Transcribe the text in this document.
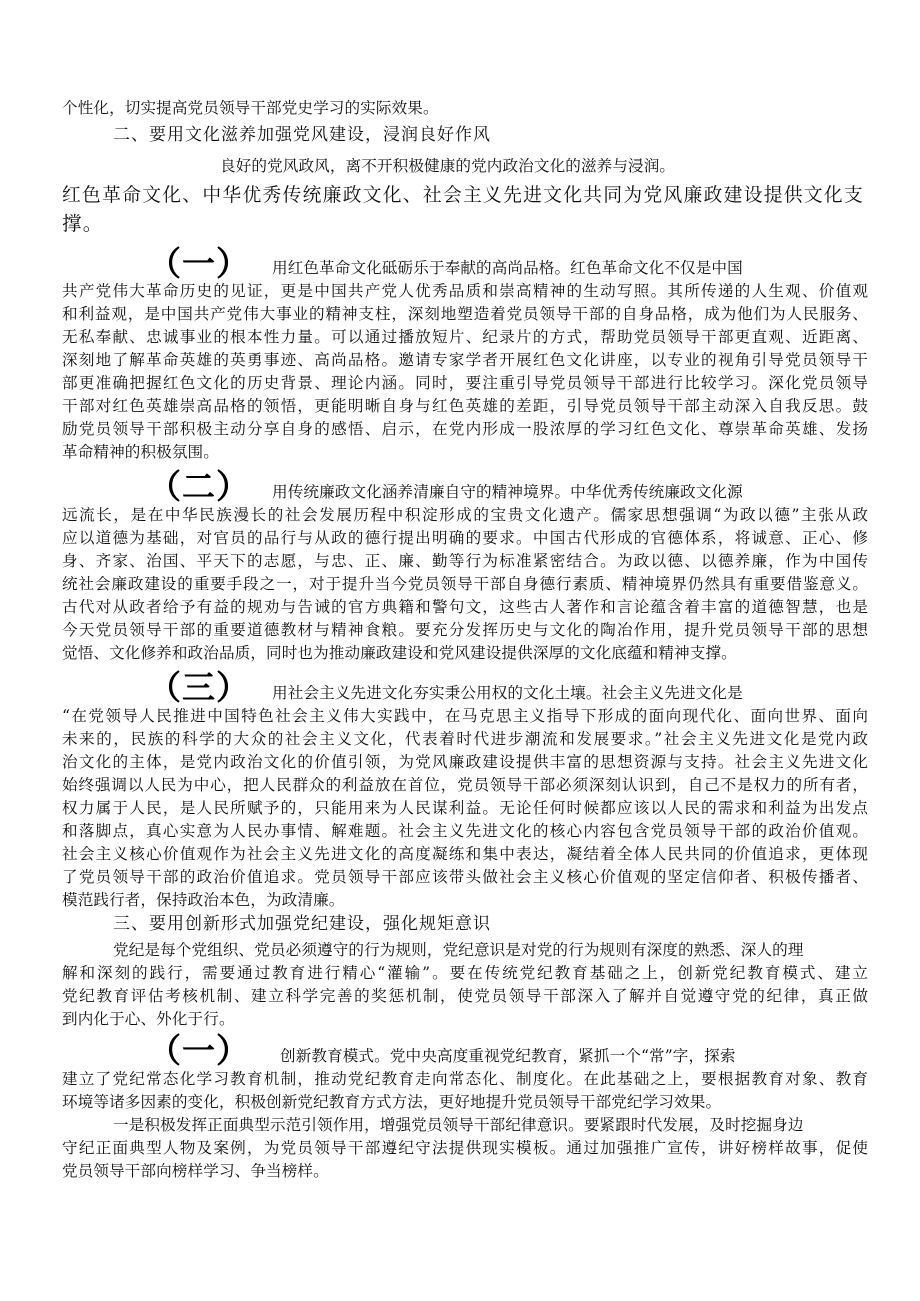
个性化，切实提高党员领导干部党史学习的实际效果。
二、要用文化滋养加强党风建设，浸润良好作风
良好的党风政风，离不开积极健康的党内政治文化的滋养与浸润。
红色革命文化、中华优秀传统廉政文化、社会主义先进文化共同为党风廉政建设提供文化支
撑。
（一） 用红色革命文化砥砺乐于奉献的高尚品格。红色革命文化不仅是中国
共产党伟大革命历史的见证，更是中国共产党人优秀品质和崇高精神的生动写照。其所传递的人生观、价值观
和利益观，是中国共产党伟大事业的精神支柱，深刻地塑造着党员领导干部的自身品格，成为他们为人民服务、
无私奉献、忠诚事业的根本性力量。可以通过播放短片、纪录片的方式，帮助党员领导干部更直观、近距离、
深刻地了解革命英雄的英勇事迹、高尚品格。邀请专家学者开展红色文化讲座，以专业的视角引导党员领导干
部更准确把握红色文化的历史背景、理论内涵。同时，要注重引导党员领导干部进行比较学习。深化党员领导
干部对红色英雄崇高品格的领悟，更能明晰自身与红色英雄的差距，引导党员领导干部主动深入自我反思。鼓
励党员领导干部积极主动分享自身的感悟、启示，在党内形成一股浓厚的学习红色文化、尊崇革命英雄、发扬
革命精神的积极氛围。
（二） 用传统廉政文化涵养清廉自守的精神境界。中华优秀传统廉政文化源
远流长，是在中华民族漫长的社会发展历程中积淀形成的宝贵文化遗产。儒家思想强调“为政以德”主张从政
应以道德为基础，对官员的品行与从政的德行提出明确的要求。中国古代形成的官德体系，将诚意、正心、修
身、齐家、治国、平天下的志愿，与忠、正、廉、勤等行为标准紧密结合。为政以德、以德养廉，作为中国传
统社会廉政建设的重要手段之一，对于提升当今党员领导干部自身德行素质、精神境界仍然具有重要借鉴意义。
古代对从政者给予有益的规劝与告诫的官方典籍和警句文，这些古人著作和言论蕴含着丰富的道德智慧，也是
今天党员领导干部的重要道德教材与精神食粮。要充分发挥历史与文化的陶冶作用，提升党员领导干部的思想
觉悟、文化修养和政治品质，同时也为推动廉政建设和党风建设提供深厚的文化底蕴和精神支撑。
（三） 用社会主义先进文化夯实秉公用权的文化土壤。社会主义先进文化是
“在党领导人民推进中国特色社会主义伟大实践中，在马克思主义指导下形成的面向现代化、面向世界、面向
未来的，民族的科学的大众的社会主义文化，代表着时代进步潮流和发展要求。”社会主义先进文化是党内政
治文化的主体，是党内政治文化的价值引领，为党风廉政建设提供丰富的思想资源与支持。社会主义先进文化
始终强调以人民为中心，把人民群众的利益放在首位，党员领导干部必须深刻认识到，自己不是权力的所有者，
权力属于人民，是人民所赋予的，只能用来为人民谋利益。无论任何时候都应该以人民的需求和利益为出发点
和落脚点，真心实意为人民办事情、解难题。社会主义先进文化的核心内容包含党员领导干部的政治价值观。
社会主义核心价值观作为社会主义先进文化的高度凝练和集中表达，凝结着全体人民共同的价值追求，更体现
了党员领导干部的政治价值追求。党员领导干部应该带头做社会主义核心价值观的坚定信仰者、积极传播者、
模范践行者，保持政治本色，为政清廉。
三、要用创新形式加强党纪建设，强化规矩意识
党纪是每个党组织、党员必须遵守的行为规则，党纪意识是对党的行为规则有深度的熟悉、深人的理
解和深刻的践行，需要通过教育进行精心“灌输”。要在传统党纪教育基础之上，创新党纪教育模式、建立
党纪教育评估考核机制、建立科学完善的奖惩机制，使党员领导干部深入了解并自觉遵守党的纪律，真正做
到内化于心、外化于行。
（一） 创新教育模式。党中央高度重视党纪教育，紧抓一个“常”字，探索
建立了党纪常态化学习教育机制，推动党纪教育走向常态化、制度化。在此基础之上，要根据教育对象、教育
环境等诸多因素的变化，积极创新党纪教育方式方法，更好地提升党员领导干部党纪学习效果。
一是积极发挥正面典型示范引领作用，增强党员领导干部纪律意识。要紧跟时代发展，及时挖掘身边
守纪正面典型人物及案例，为党员领导干部遵纪守法提供现实模板。通过加强推广宣传，讲好榜样故事，促使
党员领导干部向榜样学习、争当榜样。
